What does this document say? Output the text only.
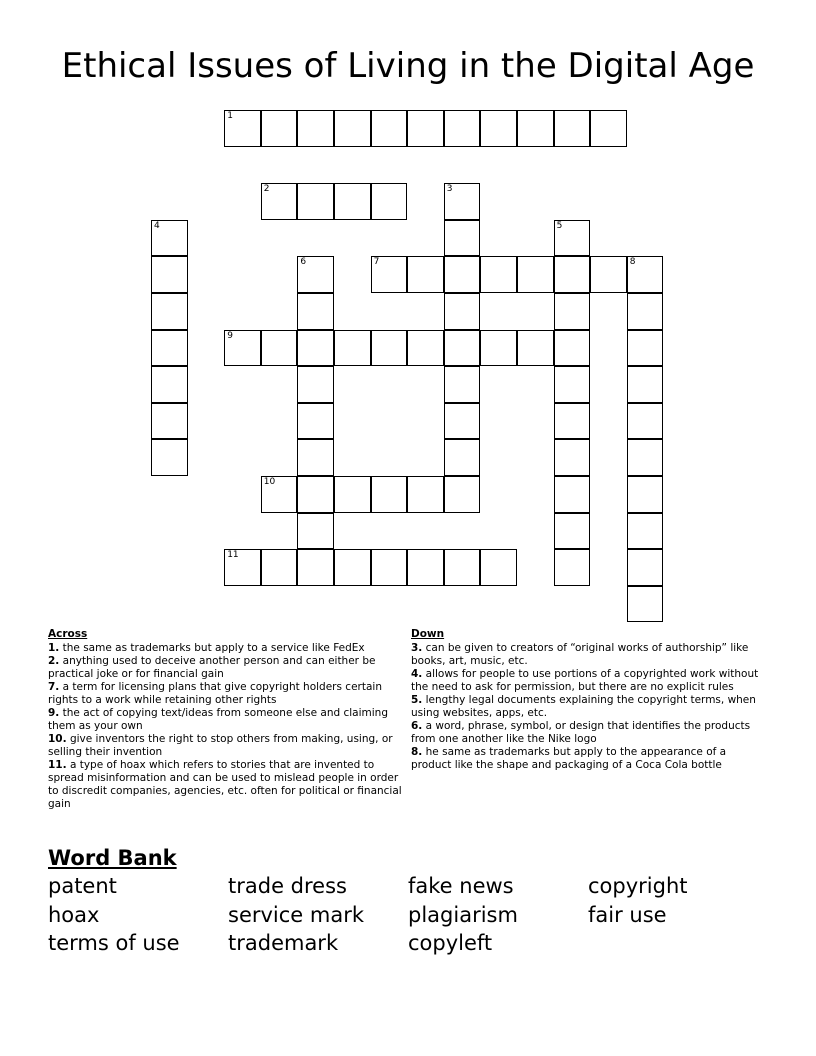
Ethical Issues of Living in the Digital Age
1
2	3
4	5
6	7	8
9
10
11
Across
1. the same as trademarks but apply to a service like FedEx
2. anything used to deceive another person and can either be practical joke or for financial gain
7. a term for licensing plans that give copyright holders certain rights to a work while retaining other rights
9. the act of copying text/ideas from someone else and claiming them as your own
10. give inventors the right to stop others from making, using, or selling their invention
11. a type of hoax which refers to stories that are invented to spread misinformation and can be used to mislead people in order to discredit companies, agencies, etc. often for political or financial gain
Down
3. can be given to creators of “original works of authorship” like books, art, music, etc.
4. allows for people to use portions of a copyrighted work without the need to ask for permission, but there are no explicit rules
5. lengthy legal documents explaining the copyright terms, when using websites, apps, etc.
6. a word, phrase, symbol, or design that identifies the products from one another like the Nike logo
8. he same as trademarks but apply to the appearance of a product like the shape and packaging of a Coca Cola bottle
Word Bank
patent	trade dress	fake news	copyright
hoax	service mark	plagiarism	fair use
terms of use	trademark	copyleft
